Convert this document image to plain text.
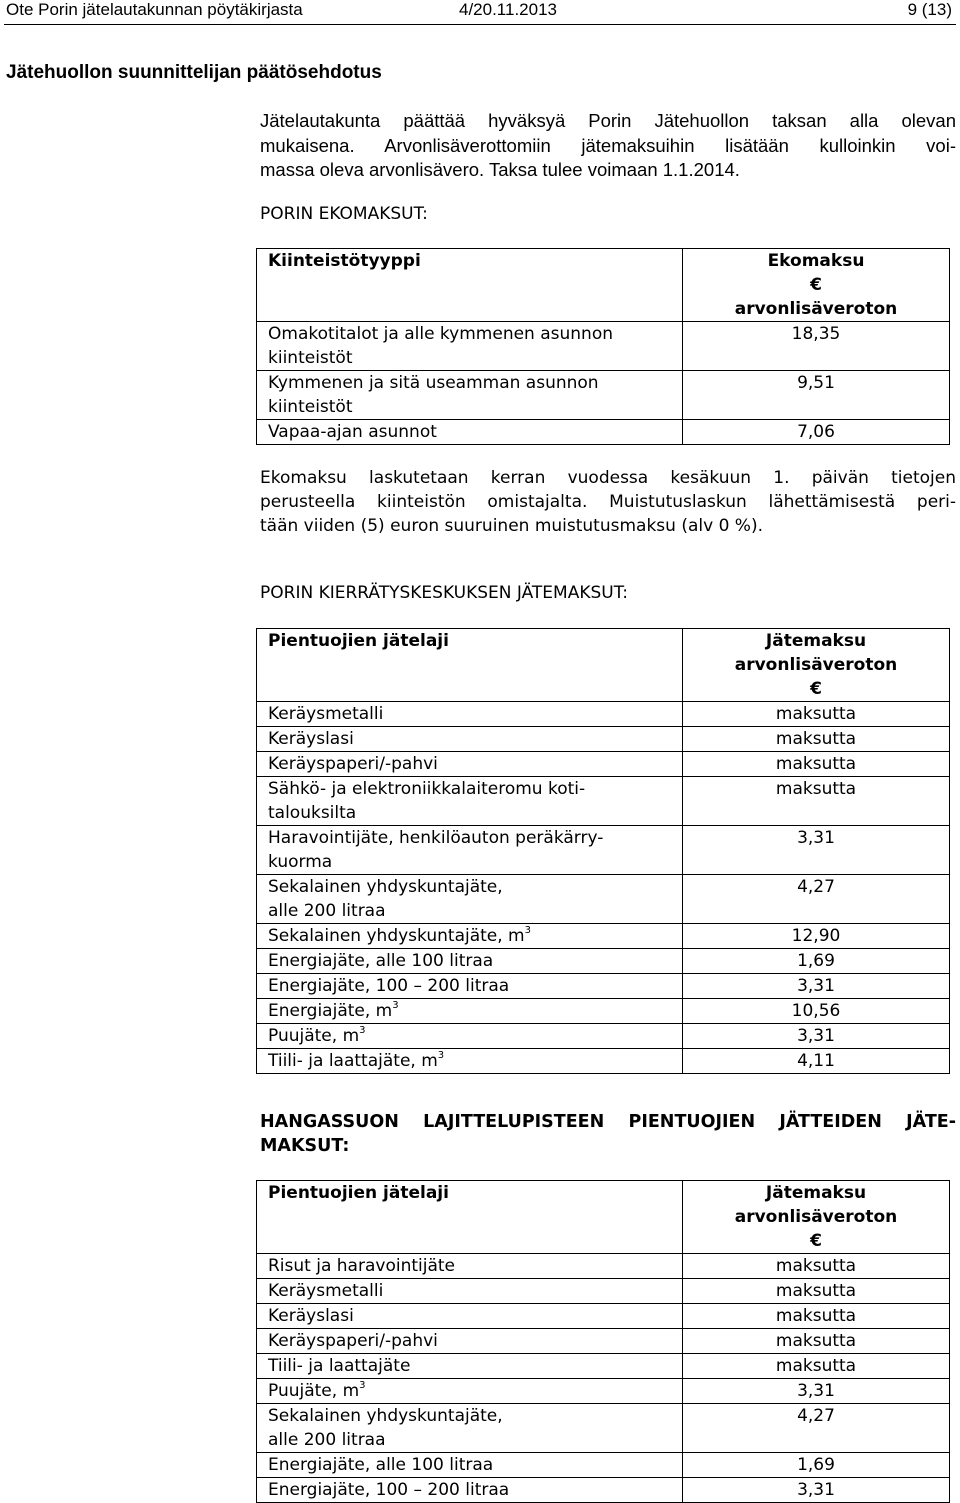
Ote Porin jätelautakunnan pöytäkirjasta	4/20.11.2013	9 (13)
Jätehuollon suunnittelijan päätösehdotus

Jätelautakunta päättää hyväksyä Porin Jätehuollon taksan alla olevan
mukaisena. Arvonlisäverottomiin jätemaksuihin lisätään kulloinkin voi-
massa oleva arvonlisävero. Taksa tulee voimaan 1.1.2014.

PORIN EKOMAKSUT:

Kiinteistötyyppi	Ekomaksu
€
arvonlisäveroton

Omakotitalot ja alle kymmenen asunnon kiinteistöt	18,35
Kymmenen ja sitä useamman asunnon kiinteistöt	9,51
Vapaa-ajan asunnot	7,06

Ekomaksu laskutetaan kerran vuodessa kesäkuun 1. päivän tietojen
perusteella kiinteistön omistajalta. Muistutuslaskun lähettämisestä peri-
tään viiden (5) euron suuruinen muistutusmaksu (alv 0 %).

PORIN KIERRÄTYSKESKUKSEN JÄTEMAKSUT:

Pientuojien jätelaji	Jätemaksu
arvonlisäveroton
€

Keräysmetalli	maksutta
Keräyslasi	maksutta
Keräyspaperi/-pahvi	maksutta

Sähkö- ja elektroniikkalaiteromu koti-
talouksilta	maksutta

Haravointijäte, henkilöauton peräkärry-
kuorma	3,31

Sekalainen yhdyskuntajäte,
alle 200 litraa	4,27
Sekalainen yhdyskuntajäte, $m^3$	12,90
Energiajäte, alle 100 litraa	1,69
Energiajäte, 100 – 200 litraa	3,31
Energiajäte, $m^3$	10,56
Puujäte, $m^3$	3,31
Tiili- ja laattajäte, $m^3$	4,11

HANGASSUON LAJITTELUPISTEEN PIENTUOJIEN JÄTTEIDEN JÄTE-
MAKSUT:

Pientuojien jätelaji	Jätemaksu
arvonlisäveroton
€

Risut ja haravointijäte	maksutta
Keräysmetalli	maksutta
Keräyslasi	maksutta
Keräyspaperi/-pahvi	maksutta
Tiili- ja laattajäte	maksutta
Puujäte, $m^3$	3,31

Sekalainen yhdyskuntajäte,
alle 200 litraa	4,27
Energiajäte, alle 100 litraa	1,69
Energiajäte, 100 – 200 litraa	3,31
